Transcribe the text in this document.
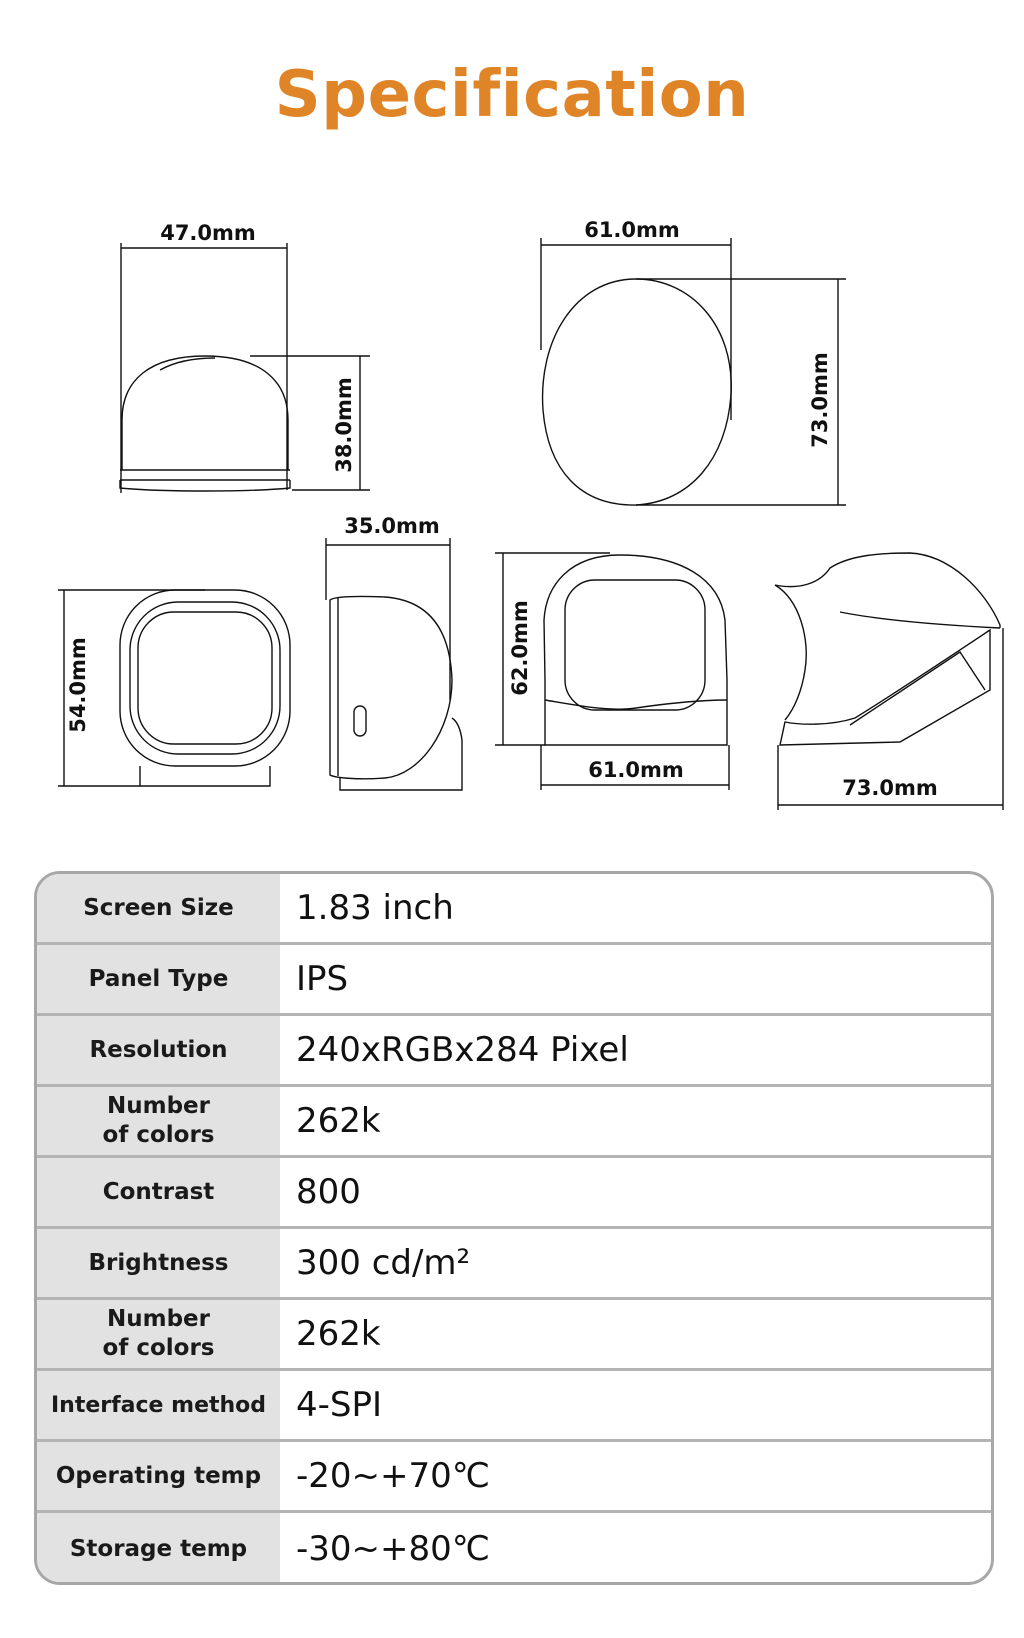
Specification
47.0mm
38.0mm
61.0mm
73.0mm
54.0mm
35.0mm
62.0mm
61.0mm
73.0mm
Screen Size	1.83 inch
Panel Type	IPS
Resolution	240xRGBx284 Pixel
Number
of colors	262k
Contrast	800
Brightness	300 cd/m²
Number
of colors	262k
Interface method 4-SPI
Operating temp	-20~+70℃
Storage temp	-30~+80℃
